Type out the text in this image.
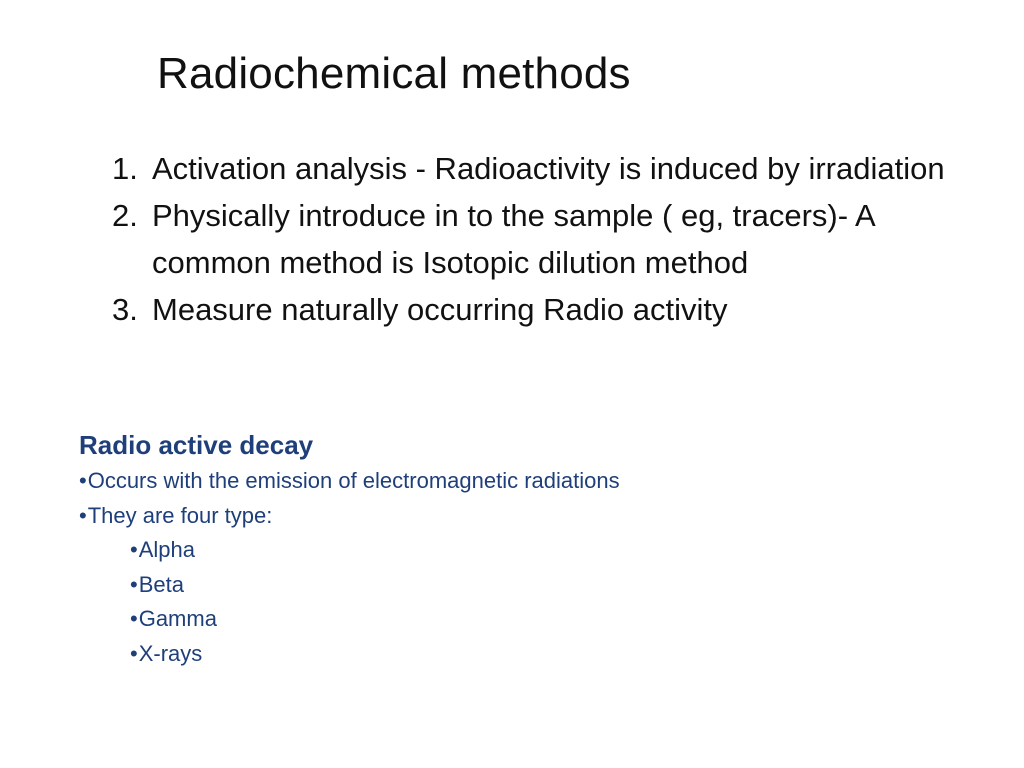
Radiochemical methods
1. Activation analysis - Radioactivity is induced by irradiation
2. Physically introduce in to the sample ( eg, tracers)- A common method is Isotopic dilution method
3. Measure naturally occurring Radio activity
Radio active decay
•Occurs with the emission of electromagnetic radiations
•They are four type:
•Alpha
•Beta
•Gamma
•X-rays
